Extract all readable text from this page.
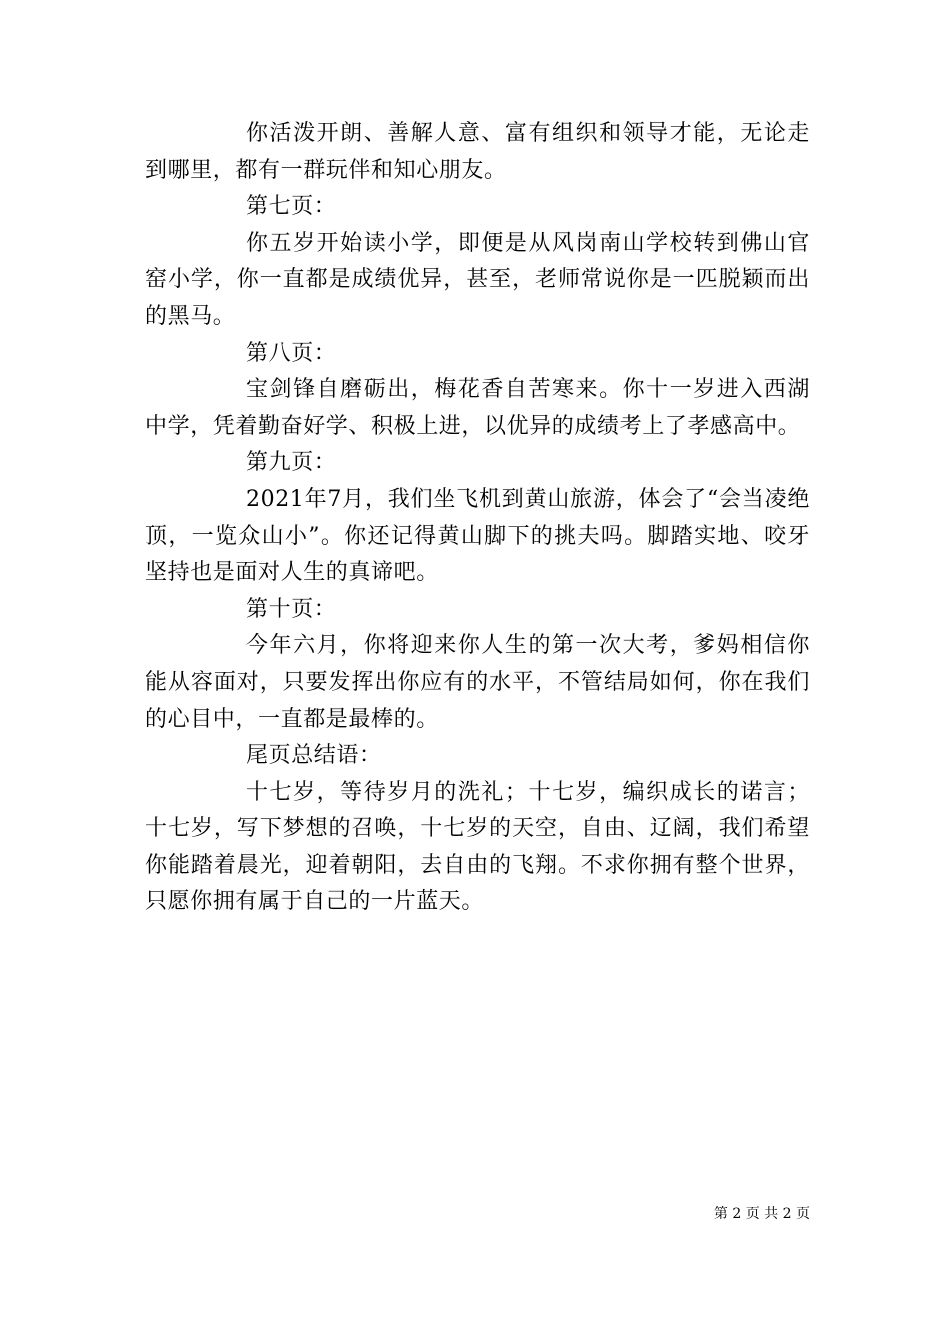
你活泼开朗、善解人意、富有组织和领导才能，无论走到哪里，都有一群玩伴和知心朋友。

第七页：

你五岁开始读小学，即便是从风岗南山学校转到佛山官窑小学，你一直都是成绩优异，甚至，老师常说你是一匹脱颖而出的黑马。

第八页：

宝剑锋自磨砺出，梅花香自苦寒来。你十一岁进入西湖中学，凭着勤奋好学、积极上进，以优异的成绩考上了孝感高中。

第九页：

2021年7月，我们坐飞机到黄山旅游，体会了“会当凌绝顶，一览众山小”。你还记得黄山脚下的挑夫吗。脚踏实地、咬牙坚持也是面对人生的真谛吧。

第十页：

今年六月，你将迎来你人生的第一次大考，爹妈相信你能从容面对，只要发挥出你应有的水平，不管结局如何，你在我们的心目中，一直都是最棒的。

尾页总结语：

十七岁，等待岁月的洗礼；十七岁，编织成长的诺言；十七岁，写下梦想的召唤，十七岁的天空，自由、辽阔，我们希望你能踏着晨光，迎着朝阳，去自由的飞翔。不求你拥有整个世界，只愿你拥有属于自己的一片蓝天。

第 2 页 共 2 页
